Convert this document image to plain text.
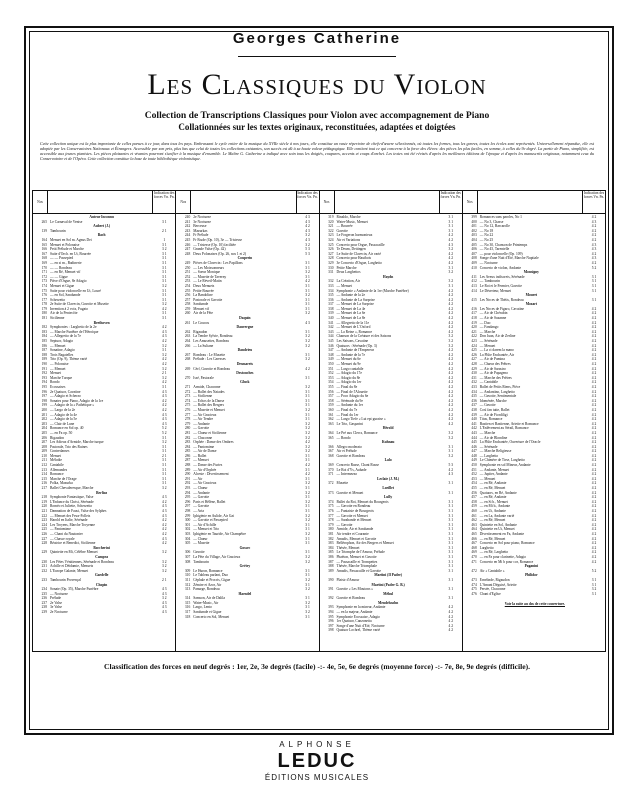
Georges Catherine
Les Classiques du Violon
Collection de Transcriptions Classiques pour Violon avec accompagnement de Piano
Collationnées sur les textes originaux, reconstituées, adaptées et doigtées
Cette collection unique est la plus importante de celles parues à ce jour, dans tous les pays. Embrassant le cycle entier de la musique du XVIIe siècle à nos jours, elle constitue un vaste répertoire de chefs-d'œuvre sélectionnés, où toutes les formes, tous les genres, toutes les écoles sont représentés. Universellement répandue, elle est adoptée par les Conservatoires Nationaux et Étrangers. Accessible par son prix, plus bas que celui de toutes les collections existantes, son succès est dû à sa haute valeur pédagogique. Elle contient tout ce qui concerne à la force des élèves: des pièces les plus faciles, en somme, à celles du 9e degré. La partie de Piano, simplifiée, est accessible aux jeunes pianistes. Les pièces plaisantes et vivantes pourront s'unifier à la musique d'ensemble. Le Maître G. Catherine a indiqué avec soin tous les doigtés, coupures, accents et coups d'archet. Les textes ont été révisés d'après les meilleures éditions de l'époque et d'après les manuscrits originaux, notamment ceux du Conservatoire et de l'Opéra. Cette collection constitue la base de toute bibliothèque violonistique.
Nos
Indication des forces Vn. Pn.
Auteur Inconnu
265 Le Carnaval de Venise	3 1
Aubert (J.)
139 Tambourin	2 1
Bach
164 Menuet en Sol m. Agnus Dei	1
165 Menuet et Polonaise	3 1
166 Petit Prélude et Marche	3 2
167 Suite d'Orch. en Ut, Bourrée	3 1
168 — — Passepied	3 1
169 — en si m., Badinerie	3 1
170 — — Rondeau	3 1
171 — en Ré, Menuet vif	3 1
172 — — Gigue	3 1
173 Pièce d'Orgue, 8e Adagio	3 1
174 Menuet et Gigue	3 2
175 Suite pour violoncelle en Ut, Louré	3 1
176 — en Sol, Sarabande	3 1
177 Scherzetto	3 1
178 2e Suite de Clavecin, Gavotte et Musette	3 2
179 Invention à 2 voix, Fugato	4 2
180 Air de la Pentecôte	3 1
181 Sicilienne	3 1
Beethoven
182 Symphonies : Larghetto de la 2e	4 2
183 — Marche Funèbre de l'Héroïque	4 3
184 — Allegretto de la 7e	4 3
185 Septuor, Adagio	4 2
186 — Menuet	3 2
187 Sonatine, Adagio	3 1
188 Trois Bagatelles	3 2
189 Trio (Op. 9), Thème varié	4 2
190 — Polonaise	4 2
191 — Menuet	3 2
192 Menuet	2 1
193 Marche Turque	3 2
194 Rondo	4 2
195 Ecossaises	3 1
196 2e Quatuor, Cavatine	4 3
197 — Adagio et Scherzo	4 3
198 Sonates pour Piano, Adagio de la 1re	4 2
199 — Adagio de la « Pathétique »	4 2
200 — Largo de la 2e	4 2
201 — Adagio de la 4e	4 3
202 — Adagio de la 5e	4 3
203 — Clair de Lune	4 3
204 Romance en Sol op. 40	5 2
205 — en Fa op. 50	5 2
206 Rigaudon	3 1
207 Les Adieux d'Armide, Marche turque	3 2
208 Pastorale, Trio des Ruines	3 1
209 Contredanses	3 1
210 Menuet	2 1
211 Mélodie	3 1
212 Cantabile	3 1
213 Allemandes	3 1
214 Romance	3 1
215 Marche de l'Orage	3 1
216 Polka, Mazurka	3 1
217 Ballet Chevaleresque, Marche	3 2
Berlioz
218 Symphonie Fantastique, Valse	4 3
219 L'Enfance du Christ, Sérénade	4 2
220 Roméo et Juliette, Scherzetto	4 3
221 Damnation de Faust, Valse des Sylphes	4 3
222 — Menuet des Feux-Follets	4 3
223 Harold en Italie, Sérénade	4 2
224 Les Troyens, Marche Troyenne	4 2
225 — Pantomime	4 2
226 — Chant du Nautonier	4 2
227 — Chasse royale	4 3
228 Béatrice et Benedict, Sicilienne	4 2
Boccherini
229 Quintette en Mi, Célèbre Menuet	3 2
Campra
230 Les Fêtes Vénitiennes, Sérénade et Rondeau	3 2
231 Achille et Déidamie, Menuets	3 2
232 L'Europe Galante, Menuet	3 2
Gardelle
233 Tambourin Provençal	2 1
Chopin
234 Sonate (Op. 35), Marche Funèbre	4 3
235 — Nocturne	4 3
236 Prélude	3 2
237 2e Valse	4 3
238 3e Valse	4 3
239 2e Nocturne	4 3
Nos
Indication des forces Vn. Pn.
240 2e Nocturne	4 3
241 3e Nocturne	4 3
242 Berceuse	4 2
243 Mazurkas	4 3
244 Fr Prélude	3 2
245 Fr Étude (Op. 10), 3e — Tristesse	4 3
246 — Tristesse (Op. 10) facilitée	3 2
247 Grande Valse (Op. 42)	5 3
248 Deux Polonaises (Op. 26, nos 1 et 2)	5 3
Couperin
249 Pièces de Clavecin : Les Papillons	3 1
250 — Les Moissonneurs	3 1
251 — Soeur Monique	3 2
252 — Musette de Taverny	3 1
253 — Le Réveil-Matin	4 2
254 Deux Menuets	3 1
255 Petite Bourrée	3 1
256 La Bandoline	3 2
257 Pastorale et Gavotte	3 1
258 Sarabande	3 1
259 Menuet vif	3 1
260 Air de la Fête	3 2
Daquin
261 Le Coucou	4 3
Dauvergne
262 Rigaudon	3 1
263 La Tendre Sylvie, Rondeau	3 2
264 Les Amusettes, Rondeau	3 2
266 — La Sultane	3 2
Dandrieu
267 Rondeau : Le Musette	3 1
268 Prélude : Les Caresses	3 2
Desmarets
269 Cérf, Gavotte et Rondeau	4 2
Destouches
270 Issé, Pastorale	3 1
Gluck
271 Armide, Chaconne	3 2
272 — Ballet des Naiades	3 1
273 — Sicilienne	3 1
274 — Echos de la Danse	3 1
275 — Ballet des Bergers	3 1
276 — Musette et Menuet	3 2
277 — Air Gracieux	3 1
278 — Air Tendre	3 1
279 — Andante	3 2
280 — Gavotte	3 2
281 — Chœur et Sicilienne	3 2
282 — Chaconne	3 2
283 Orphée : Danse des Ombres	4 2
284 — Pantomime	3 2
285 — Air de Danse	3 2
286 — Ballet	3 1
287 — Menuet	3 1
288 — Danse des Furies	4 2
289 — Air d'Orphée	3 1
290 Alceste : Divertissement	4 2
291 — Air	3 1
292 — Air Gracieux	3 2
293 — Chœur	3 1
294 — Andante	3 2
295 — Gavotte	3 1
296 Paris et Hélène, Ballet	3 2
297 — Gavotte	3 1
298 — Aria	3 1
299 Iphigénie en Aulide, Air Gai	3 2
300 — Gavotte et Passepied	3 2
301 — Air d'Achille	3 1
302 — Menuet et Trio	3 1
303 Iphigénie en Tauride, Air Champêtre	3 2
304 — Chœur	3 1
305 — Musette	3 1
Gossec
306 Gavotte	3 1
307 La Fête du Village, Air Gracieux	3 2
308 Tambourin	3 2
Grétry
309 Le Huron, Romance	3 1
310 Le Tableau parlant, Duo	3 1
311 Céphale et Procris, Gigue	3 2
312 Zémire et Azor, Air	3 1
313 Panurge, Rondeau	3 2
Haendel
314 Samson, Air de Dalila	3 1
315 Water-Music, Air	3 2
316 Largo, Lento	3 1
317 Sarabande et Gigue	3 2
318 Concerto en Sol, Menuet	3 1
Nos
Indication des forces Vn. Pn.
319 Rinaldo, Marche	3 1
320 Water-Music, Menuet	3 1
321 — Bourrée	3 1
322 Gavotte	3 1
323 Le Forgeron harmonieux	4 2
324 Air et Variations	4 2
325 Concerto pour Orgue, Passacaille	4 3
326 Te Deum, Dettingen	3 2
327 Le Suite de Clavecin, Air varié	4 2
328 Concerto pour Hautbois	4 2
329 3e Concerto d'Orgue, Larghetto	4 2
330 Petite Marche	3 1
331 Deux Larghettos	3 2
Haydn
332 La Création, Air	3 2
333 — Menuet	3 1
334 Symphonie « Andante de la 1re (Marche Funèbre)	4 2
335 — Andante de la 2e	4 2
336 — Andante de La Surprise	4 2
337 — Menuet de La Surprise	4 2
338 — Menuet de La 4e	4 2
339 — Menuet de La 6e	4 2
340 — Menuet de La 8e	4 2
341 — Allegretto de la 11e	4 2
342 — Menuet de L'Oxford	4 2
343 — La Reine », Romance	4 2
344 Chanson de la Créature et des Saisons	3 2
345 Les Saisons, Cavatine	3 2
346 Quatuors : Sérénade (Op. 3)	3 2
347 — Andante de l'Empereur	4 2
348 — Andante de la 7e	4 2
349 — Menuet du 6e	4 2
350 — Menuet du 9e	4 2
351 — Largo cantabile	4 2
352 — Adagio du 17e	4 2
353 — Adagio du 8e	4 2
354 — Adagio du 1er	4 2
355 — Final du 8e	4 2
356 — Final de l'Alouette	4 2
357 — Poco Adagio du 6e	4 2
358 — Sérénade du 9e	4 2
359 — Andante du 1er	4 2
360 — Final du 7e	4 2
361 — Final du 1er	4 2
362 — Largo Tiefe « Lut ept guraise »	4 2
363 Le Trio, Gasparini	4 2
Hérold
364 Le Pré aux Clercs, Romance	3 2
365 — Rondo	3 2
Kuhnau
366 Allegro moderato	3 1
367 Air et Prélude	3 1
368 Gavotte et Rondeau	3 2
Lalo
369 Concerto Russe, Chant Russe	5 3
370 Le Roi d'Ys, Aubade	4 2
371 — Intermezzo	4 3
Leclair (J. M.)
372 Musette	3 1
Loeillet
373 Gavotte et Menuet	3 1
Lully
374 Ballet du Roi, Menuet du Bourgeois	3 1
375 — Gavotte en Rondeau	3 1
376 — Fantaisie de Bourgeois	3 1
377 — Gavotte et Menuet	3 1
378 — Sarabande et Menuet	3 1
379 — Gavotte	3 1
380 Armide, Air et Sarabande	3 1
381 Air tendre et Courante	3 1
382 Amadis, Menuet et Gavotte	3 1
383 Bellérophon, Air des Bergers et Menuet	3 1
384 Thésée, Menuet	3 1
385 Le Triomphe de l'Amour, Prélude	3 1
386 Phaëton, Menuet et Gavotte	3 1
387 — Passacaille et Trompettes	3 1
388 Thésée, Marche Triomphale	3 1
389 Amadis, Passacaille et Gavotte	3 1
Martini (Il Padre)
390 Plaisir d'Amour	3 1
Martini (Padre G. B.)
391 Gavotte « Les Moutons »	3 1
Méhul
392 Gavotte et Rondeau	3 1
Mendelssohn
393 Symphonie en la mineur, Andante	4 2
394 — en la majeur, Andante	4 2
395 Symphonie Écossaise, Adagio	4 2
396 1er Quatuor, Canzonetta	4 2
397 Songe d'une Nuit d'Été, Nocturne	4 2
398 Quatuor Lochrel, Thème varié	4 2
Nos
Indication des forces Vn. Pn.
399 Romances sans paroles, No 1	4 2
400 — No 3, Chasse	4 3
401 — No 12, Barcarolle	4 2
402 — No 18	4 2
403 — No 22	4 2
404 — No 25	4 2
405 — No 30, Chanson de Printemps	4 3
406 — No 45, Tarentelle	4 3
407 — pour violoncelle (Op. 109)	4 2
408 Songe d'une Nuit d'Été, Marche Nuptiale	4 3
409 — Nocturne	4 2
410 Concerto de violon, Andante	5 2
Monsigny
411 Les Aveux indiscrets, Sérénade	3 1
412 — Tambourin	3 1
413 Le Roi et le Fermier, Gavotte	3 1
414 Le Déserteur, Menuet	3 1
Mouret
415 Les Noces de Thétis, Rondeau	3 1
Mozart
416 Les Noces de Figaro, Cavatine	4 2
417 — Air de Chérubin	4 2
418 — Air de Suzanne	4 2
419 — Duo	4 2
420 — Fandango	4 2
421 — Marche	4 2
422 Don Juan, Air de Zerline	4 2
423 — Sérénade	4 2
424 — Menuet	4 2
425 — La ci darem la mano	4 2
426 La Flûte Enchantée, Air	4 2
427 — Air de Pamina	4 2
428 — Chœur des Prêtres	4 2
429 — Air de Sarastro	4 2
430 — Air de Papageno	4 2
431 — Marche des Prêtres	4 2
432 — Cantabile	4 2
433 Ballet de Petits Riens, Pièce	4 2
434 — Andantino, Larghetto	4 2
435 — Gavotte, Sentimentale	4 2
436 Idoménée, Marche	4 2
437 — Gavotte	4 2
438 Così fan tutte, Ballet	4 2
439 — Air de Fiordiligi	4 2
440 Titus, Romance	4 2
441 Bastien et Bastienne, Ariette et Romance	4 2
442 L'Enlèvement au Sérail, Romance	4 2
443 — Marche	4 2
444 — Air de Blondine	4 2
445 La Flûte Enchantée, Ouverture de l'Oracle	4 2
446 — Sérénade	4 2
447 — Marche Religieuse	4 2
448 — Larghetto	4 2
449 Le Chimère de Tirse, Larghetto	4 2
450 Symphonie en sol Mineur, Andante	4 2
451 — Andante, Menuet	4 2
452 — Jupiter, Andante	4 2
453 — Menuet	4 2
454 — en Ré, Andante	4 2
455 — en Ré, Menuet	4 2
456 Quatuors, en Ré, Andante	4 2
457 — en Ré, Andante	4 2
458 — en Si b., Menuet	4 2
459 — en Mi b., Andante	4 2
460 — en Ut, Andante	4 2
461 — en La, Andante varié	4 2
462 — en Ré, Menuet	4 2
463 Quintette en Sol, Andante	4 2
464 Quintette en Ut, Menuet	4 2
465 Divertissement en Fa, Andante	4 2
466 — en Ré, Menuet	4 2
467 Concerto en Sol pour piano, Romance	4 2
468 Larghetto	4 2
469 — en Ré, Larghetto	4 2
470 — en Fa pour clarinette, Adagio	4 2
471 Concerto en Mi b pour cor, Romance	4 2
Paganini
472 Air « Cantabile »	5 2
Philidor
473 Ernelinde, Rigaudon	3 1
474 L'Amant Déguisé, Ariette	3 1
475 Persée, Chaconne	3 2
476 Chant d'Église	3 1
Voir la suite au dos de cette couverture.
Classification des forces en neuf degrés : 1er, 2e, 3e degrés (facile) -:- 4e, 5e, 6e degrés (moyenne force) -:- 7e, 8e, 9e degrés (difficile).
ALPHONSE
LEDUC
ÉDITIONS MUSICALES
